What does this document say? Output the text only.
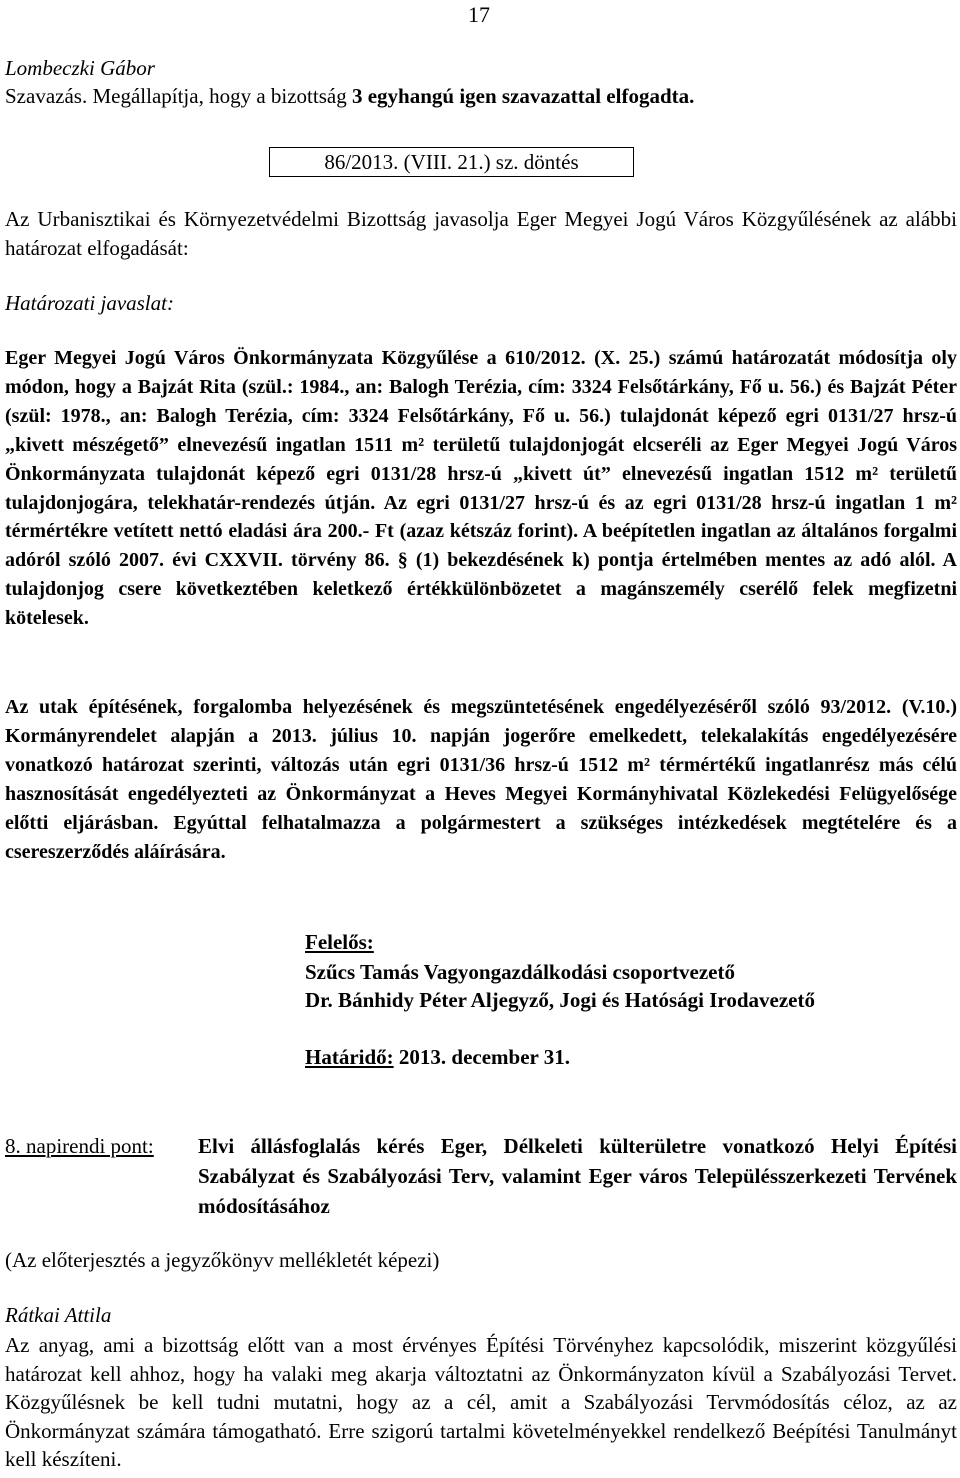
17
Lombeczki Gábor
Szavazás. Megállapítja, hogy a bizottság 3 egyhangú igen szavazattal elfogadta.
86/2013. (VIII. 21.) sz. döntés
Az Urbanisztikai és Környezetvédelmi Bizottság javasolja Eger Megyei Jogú Város Közgyűlésének az alábbi határozat elfogadását:
Határozati javaslat:
Eger Megyei Jogú Város Önkormányzata Közgyűlése a 610/2012. (X. 25.) számú határozatát módosítja oly módon, hogy a Bajzát Rita (szül.: 1984., an: Balogh Terézia, cím: 3324 Felsőtárkány, Fő u. 56.) és Bajzát Péter (szül: 1978., an: Balogh Terézia, cím: 3324 Felsőtárkány, Fő u. 56.) tulajdonát képező egri 0131/27 hrsz-ú „kivett mészégető” elnevezésű ingatlan 1511 m² területű tulajdonjogát elcseréli az Eger Megyei Jogú Város Önkormányzata tulajdonát képező egri 0131/28 hrsz-ú „kivett út” elnevezésű ingatlan 1512 m² területű tulajdonjogára, telekhatár-rendezés útján. Az egri 0131/27 hrsz-ú és az egri 0131/28 hrsz-ú ingatlan 1 m² térmértékre vetített nettó eladási ára 200.- Ft (azaz kétszáz forint). A beépítetlen ingatlan az általános forgalmi adóról szóló 2007. évi CXXVII. törvény 86. § (1) bekezdésének k) pontja értelmében mentes az adó alól. A tulajdonjog csere következtében keletkező értékkülönbözetet a magánszemély cserélő felek megfizetni kötelesek.
Az utak építésének, forgalomba helyezésének és megszüntetésének engedélyezéséről szóló 93/2012. (V.10.) Kormányrendelet alapján a 2013. július 10. napján jogerőre emelkedett, telekalakítás engedélyezésére vonatkozó határozat szerinti, változás után egri 0131/36 hrsz-ú 1512 m² térmértékű ingatlanrész más célú hasznosítását engedélyezteti az Önkormányzat a Heves Megyei Kormányhivatal Közlekedési Felügyelősége előtti eljárásban. Egyúttal felhatalmazza a polgármestert a szükséges intézkedések megtételére és a csereszerződés aláírására.
Felelős:
Szűcs Tamás Vagyongazdálkodási csoportvezető
Dr. Bánhidy Péter Aljegyző, Jogi és Hatósági Irodavezető
Határidő: 2013. december 31.
8. napirendi pont: Elvi állásfoglalás kérés Eger, Délkeleti külterületre vonatkozó Helyi Építési Szabályzat és Szabályozási Terv, valamint Eger város Településszerkezeti Tervének módosításához
(Az előterjesztés a jegyzőkönyv mellékletét képezi)
Rátkai Attila
Az anyag, ami a bizottság előtt van a most érvényes Építési Törvényhez kapcsolódik, miszerint közgyűlési határozat kell ahhoz, hogy ha valaki meg akarja változtatni az Önkormányzaton kívül a Szabályozási Tervet. Közgyűlésnek be kell tudni mutatni, hogy az a cél, amit a Szabályozási Tervmódosítás céloz, az az Önkormányzat számára támogatható. Erre szigorú tartalmi követelményekkel rendelkező Beépítési Tanulmányt kell készíteni.
